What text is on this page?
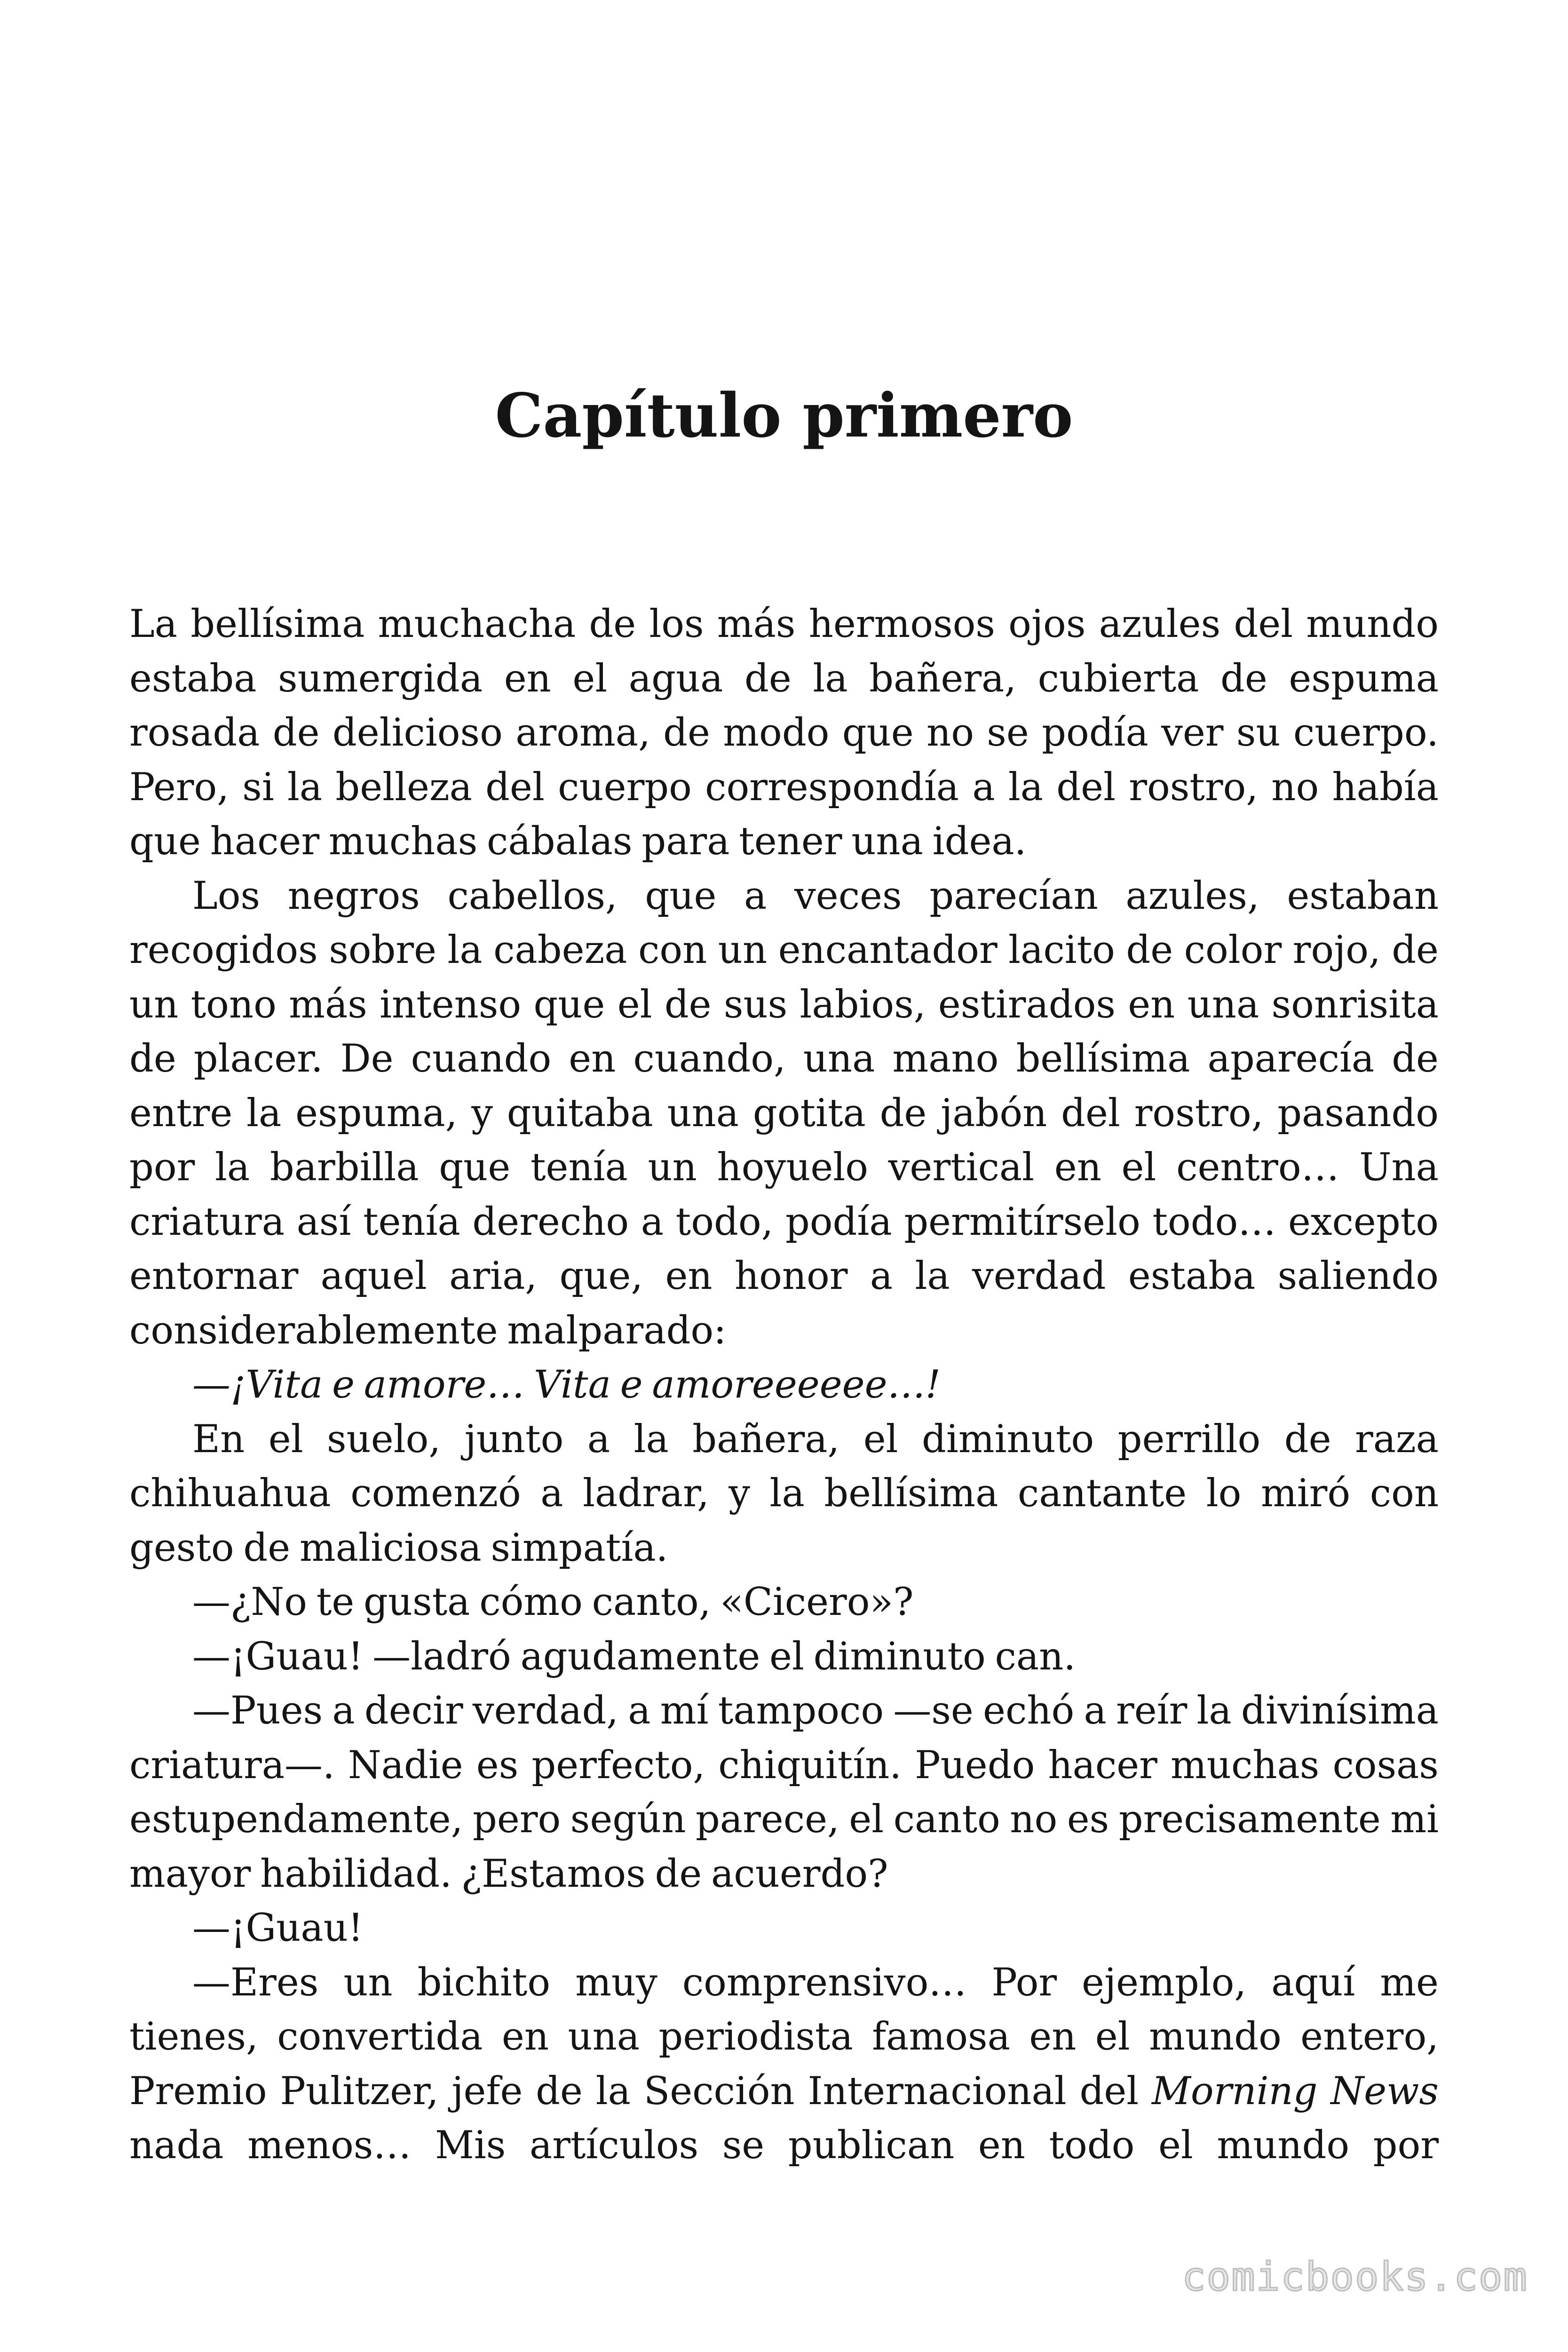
Capítulo primero

La bellísima muchacha de los más hermosos ojos azules del mundo estaba sumergida en el agua de la bañera, cubierta de espuma rosada de delicioso aroma, de modo que no se podía ver su cuerpo. Pero, si la belleza del cuerpo correspondía a la del rostro, no había que hacer muchas cábalas para tener una idea.

Los negros cabellos, que a veces parecían azules, estaban recogidos sobre la cabeza con un encantador lacito de color rojo, de un tono más intenso que el de sus labios, estirados en una sonrisita de placer. De cuando en cuando, una mano bellísima aparecía de entre la espuma, y quitaba una gotita de jabón del rostro, pasando por la barbilla que tenía un hoyuelo vertical en el centro… Una criatura así tenía derecho a todo, podía permitírselo todo… excepto entornar aquel aria, que, en honor a la verdad estaba saliendo considerablemente malparado:

—¡Vita e amore… Vita e amoreeeeee…!

En el suelo, junto a la bañera, el diminuto perrillo de raza chihuahua comenzó a ladrar, y la bellísima cantante lo miró con gesto de maliciosa simpatía.

—¿No te gusta cómo canto, «Cicero»?

—¡Guau! —ladró agudamente el diminuto can.

—Pues a decir verdad, a mí tampoco —se echó a reír la divinísima criatura—. Nadie es perfecto, chiquitín. Puedo hacer muchas cosas estupendamente, pero según parece, el canto no es precisamente mi mayor habilidad. ¿Estamos de acuerdo?

—¡Guau!

—Eres un bichito muy comprensivo… Por ejemplo, aquí me tienes, convertida en una periodista famosa en el mundo entero, Premio Pulitzer, jefe de la Sección Internacional del Morning News nada menos… Mis artículos se publican en todo el mundo por

comicbooks.com
